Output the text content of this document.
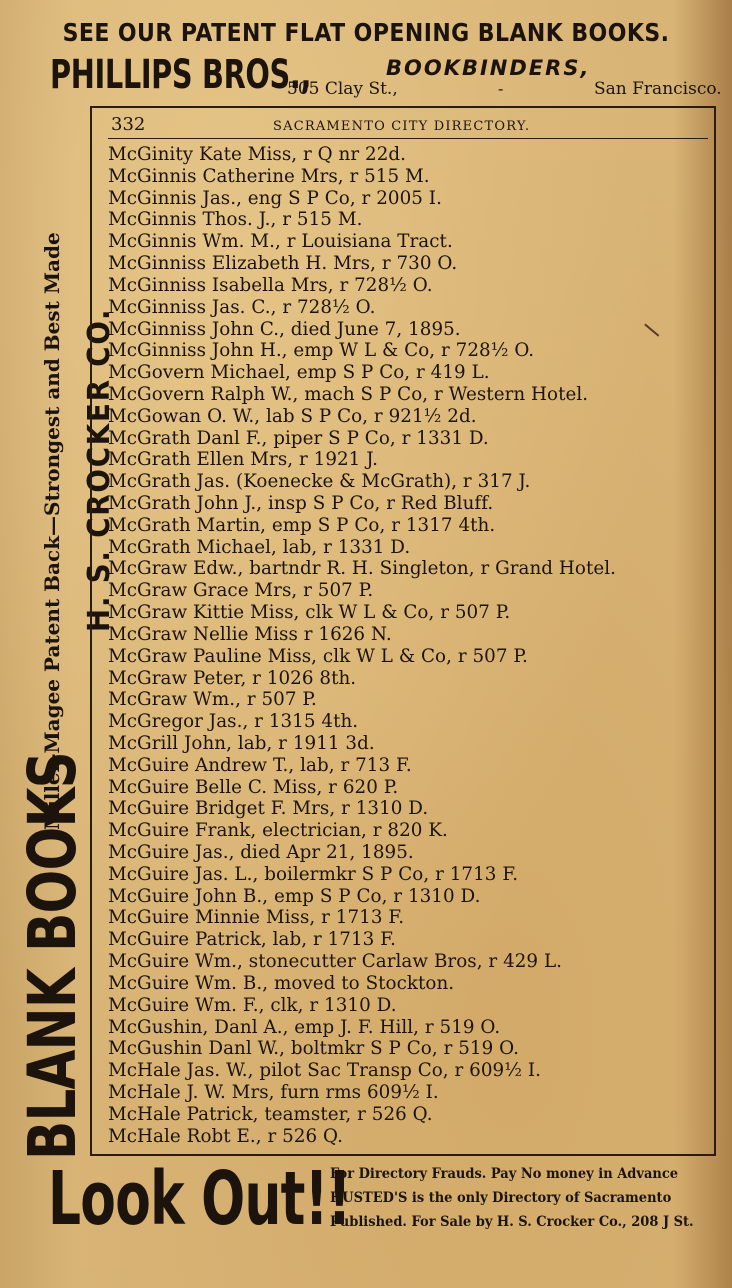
SEE OUR PATENT FLAT OPENING BLANK BOOKS.
PHILLIPS BROS.,	BOOKBINDERS,
505 Clay St.,	-	San Francisco.
Miller-Magee Patent Back—Strongest and Best Made H. S. CROCKER CO.
BLANK BOOKS
332	SACRAMENTO CITY DIRECTORY.
McGinity Kate Miss, r Q nr 22d.
McGinnis Catherine Mrs, r 515 M.
McGinnis Jas., eng S P Co, r 2005 I.
McGinnis Thos. J., r 515 M.
McGinnis Wm. M., r Louisiana Tract.
McGinniss Elizabeth H. Mrs, r 730 O.
McGinniss Isabella Mrs, r 728½ O.
McGinniss Jas. C., r 728½ O.
McGinniss John C., died June 7, 1895.
McGinniss John H., emp W L & Co, r 728½ O.
McGovern Michael, emp S P Co, r 419 L.
McGovern Ralph W., mach S P Co, r Western Hotel.
McGowan O. W., lab S P Co, r 921½ 2d.
McGrath Danl F., piper S P Co, r 1331 D.
McGrath Ellen Mrs, r 1921 J.
McGrath Jas. (Koenecke & McGrath), r 317 J.
McGrath John J., insp S P Co, r Red Bluff.
McGrath Martin, emp S P Co, r 1317 4th.
McGrath Michael, lab, r 1331 D.
McGraw Edw., bartndr R. H. Singleton, r Grand Hotel.
McGraw Grace Mrs, r 507 P.
McGraw Kittie Miss, clk W L & Co, r 507 P.
McGraw Nellie Miss r 1626 N.
McGraw Pauline Miss, clk W L & Co, r 507 P.
McGraw Peter, r 1026 8th.
McGraw Wm., r 507 P.
McGregor Jas., r 1315 4th.
McGrill John, lab, r 1911 3d.
McGuire Andrew T., lab, r 713 F.
McGuire Belle C. Miss, r 620 P.
McGuire Bridget F. Mrs, r 1310 D.
McGuire Frank, electrician, r 820 K.
McGuire Jas., died Apr 21, 1895.
McGuire Jas. L., boilermkr S P Co, r 1713 F.
McGuire John B., emp S P Co, r 1310 D.
McGuire Minnie Miss, r 1713 F.
McGuire Patrick, lab, r 1713 F.
McGuire Wm., stonecutter Carlaw Bros, r 429 L.
McGuire Wm. B., moved to Stockton.
McGuire Wm. F., clk, r 1310 D.
McGushin, Danl A., emp J. F. Hill, r 519 O.
McGushin Danl W., boltmkr S P Co, r 519 O.
McHale Jas. W., pilot Sac Transp Co, r 609½ I.
McHale J. W. Mrs, furn rms 609½ I.
McHale Patrick, teamster, r 526 Q.
McHale Robt E., r 526 Q.
Look Out!!
For Directory Frauds. Pay No money in Advance
HUSTED'S is the only Directory of Sacramento
Published. For Sale by H. S. Crocker Co., 208 J St.
